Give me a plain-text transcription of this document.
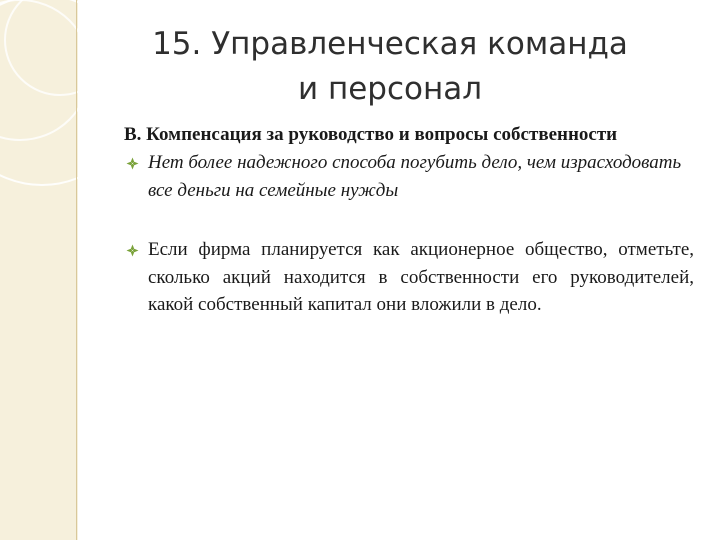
15. Управленческая команда
и персонал

В. Компенсация за руководство и вопросы собственности

Нет более надежного способа погубить дело, чем израсходовать все деньги на семейные нужды

Если фирма планируется как акционерное общество, отметьте, сколько акций находится в собственности его руководителей, какой собственный капитал они вложили в дело.
